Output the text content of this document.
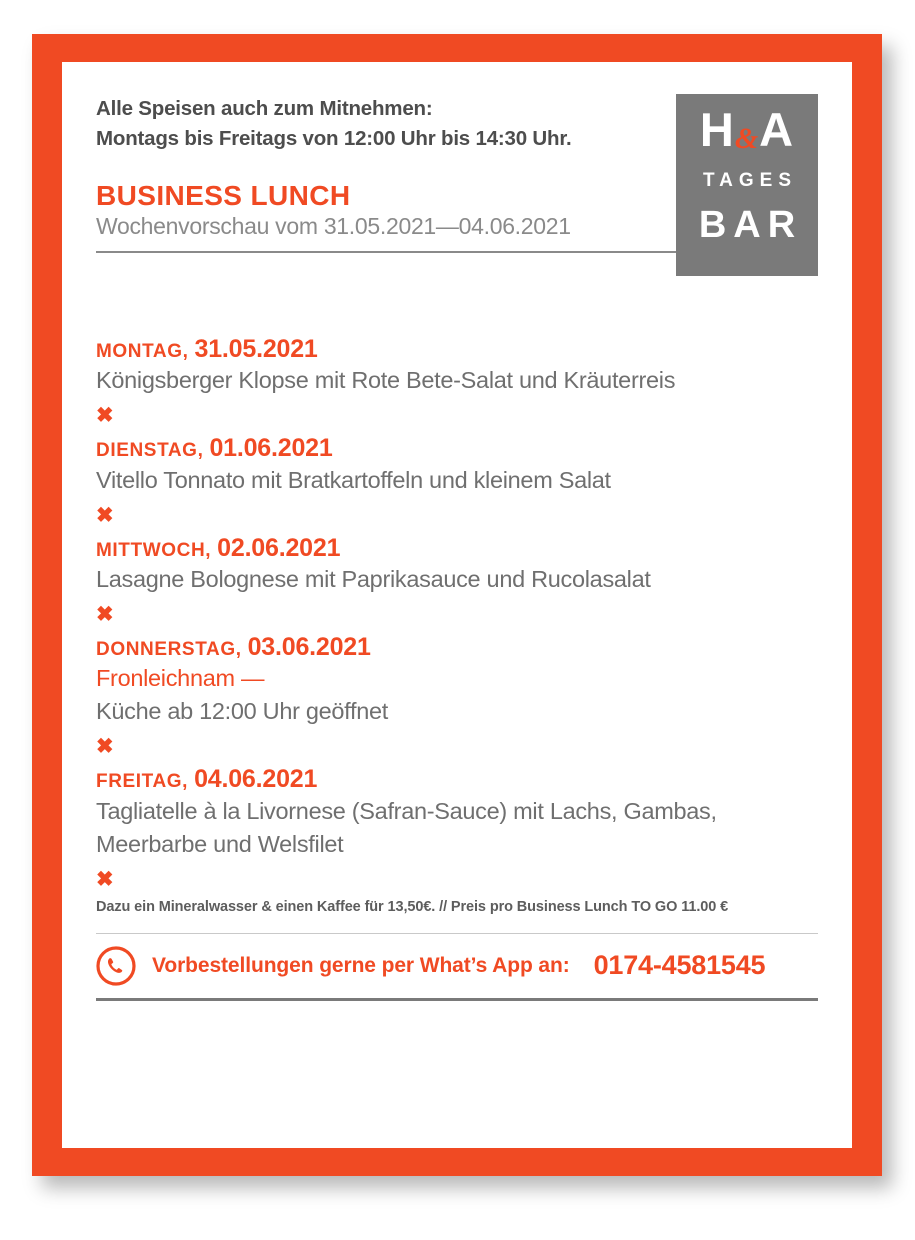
Alle Speisen auch zum Mitnehmen:
Montags bis Freitags von 12:00 Uhr bis 14:30 Uhr.
BUSINESS LUNCH
Wochenvorschau vom 31.05.2021—04.06.2021
H&A
TAGES
BAR
MONTAG, 31.05.2021
Königsberger Klopse mit Rote Bete-Salat und Kräuterreis
✖
DIENSTAG, 01.06.2021
Vitello Tonnato mit Bratkartoffeln und kleinem Salat
✖
MITTWOCH, 02.06.2021
Lasagne Bolognese mit Paprikasauce und Rucolasalat
✖
DONNERSTAG, 03.06.2021
Fronleichnam —
Küche ab 12:00 Uhr geöffnet
✖
FREITAG, 04.06.2021
Tagliatelle à la Livornese (Safran-Sauce) mit Lachs, Gambas,
Meerbarbe und Welsfilet
✖
Dazu ein Mineralwasser & einen Kaffee für 13,50€. // Preis pro Business Lunch TO GO 11.00 €
Vorbestellungen gerne per What’s App an: 0174-4581545
